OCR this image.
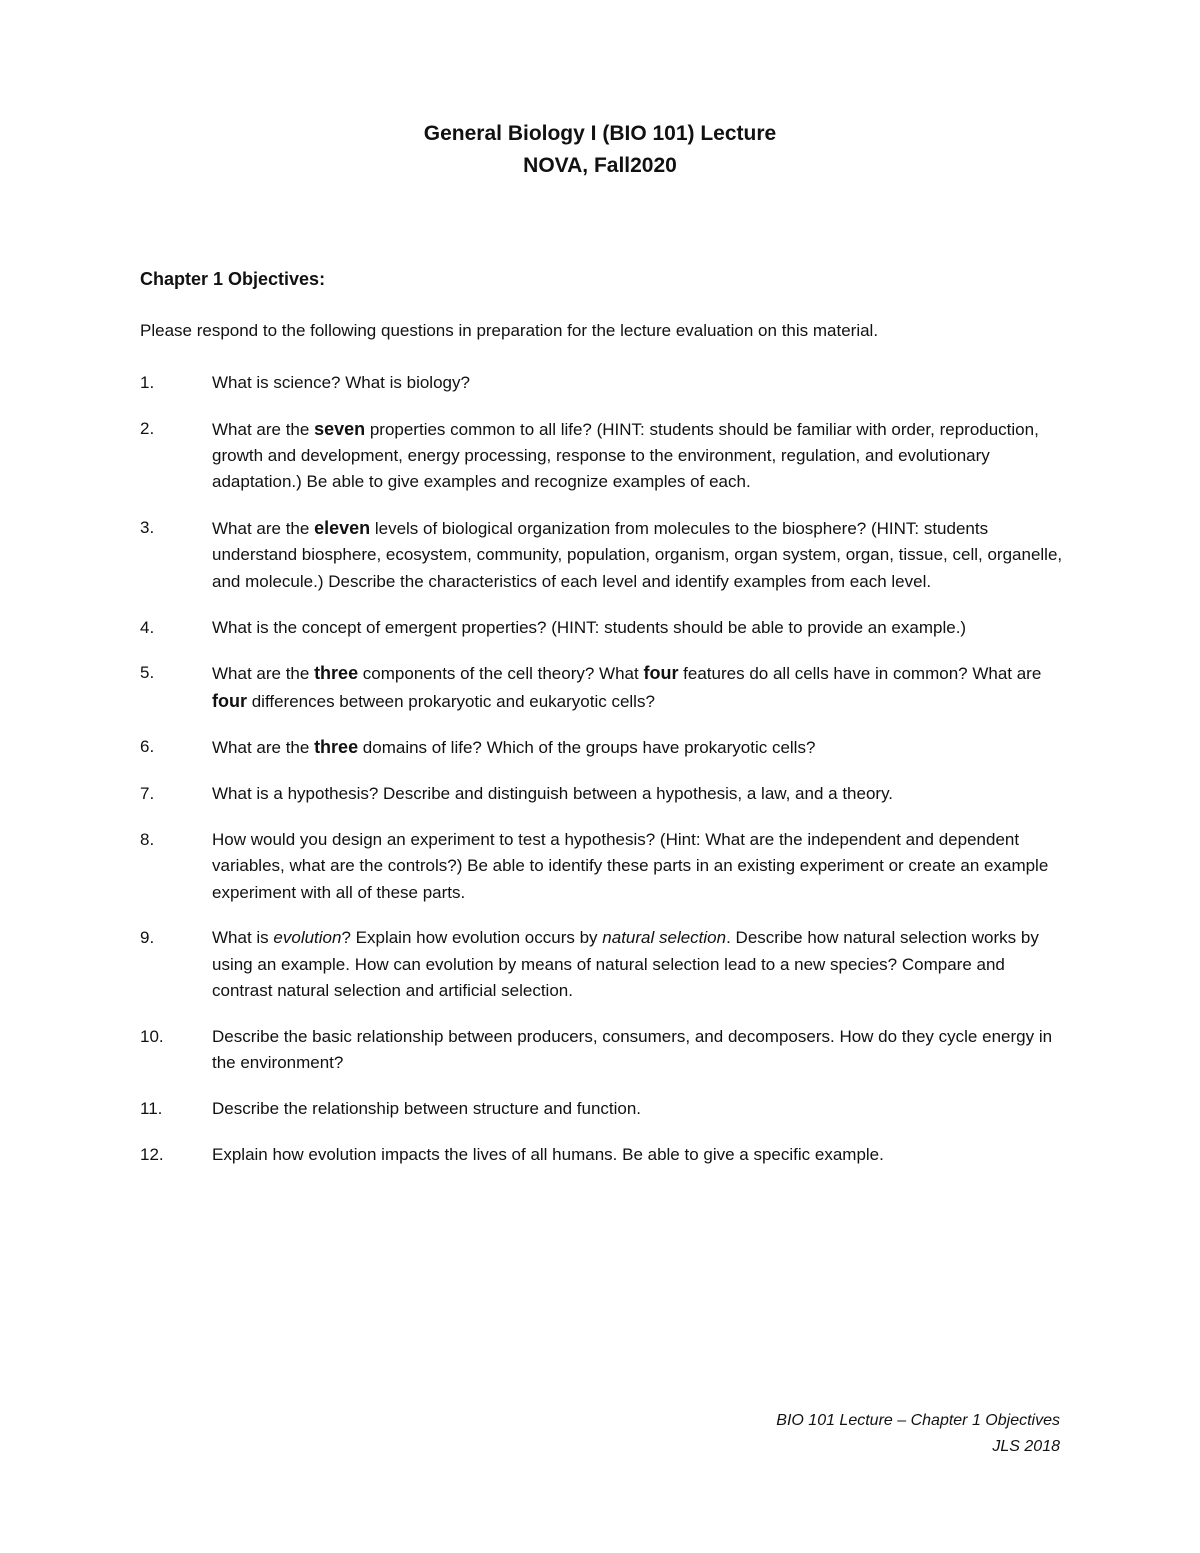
General Biology I (BIO 101) Lecture
NOVA, Fall2020
Chapter 1 Objectives:
Please respond to the following questions in preparation for the lecture evaluation on this material.
1.	What is science? What is biology?
2.	What are the seven properties common to all life? (HINT: students should be familiar with order, reproduction, growth and development, energy processing, response to the environment, regulation, and evolutionary adaptation.) Be able to give examples and recognize examples of each.
3.	What are the eleven levels of biological organization from molecules to the biosphere? (HINT: students understand biosphere, ecosystem, community, population, organism, organ system, organ, tissue, cell, organelle, and molecule.) Describe the characteristics of each level and identify examples from each level.
4.	What is the concept of emergent properties? (HINT: students should be able to provide an example.)
5.	What are the three components of the cell theory? What four features do all cells have in common? What are four differences between prokaryotic and eukaryotic cells?
6.	What are the three domains of life? Which of the groups have prokaryotic cells?
7.	What is a hypothesis? Describe and distinguish between a hypothesis, a law, and a theory.
8.	How would you design an experiment to test a hypothesis? (Hint: What are the independent and dependent variables, what are the controls?) Be able to identify these parts in an existing experiment or create an example experiment with all of these parts.
9.	What is evolution? Explain how evolution occurs by natural selection. Describe how natural selection works by using an example. How can evolution by means of natural selection lead to a new species? Compare and contrast natural selection and artificial selection.
10.	Describe the basic relationship between producers, consumers, and decomposers. How do they cycle energy in the environment?
11.	Describe the relationship between structure and function.
12.	Explain how evolution impacts the lives of all humans. Be able to give a specific example.
BIO 101 Lecture – Chapter 1 Objectives
JLS 2018
